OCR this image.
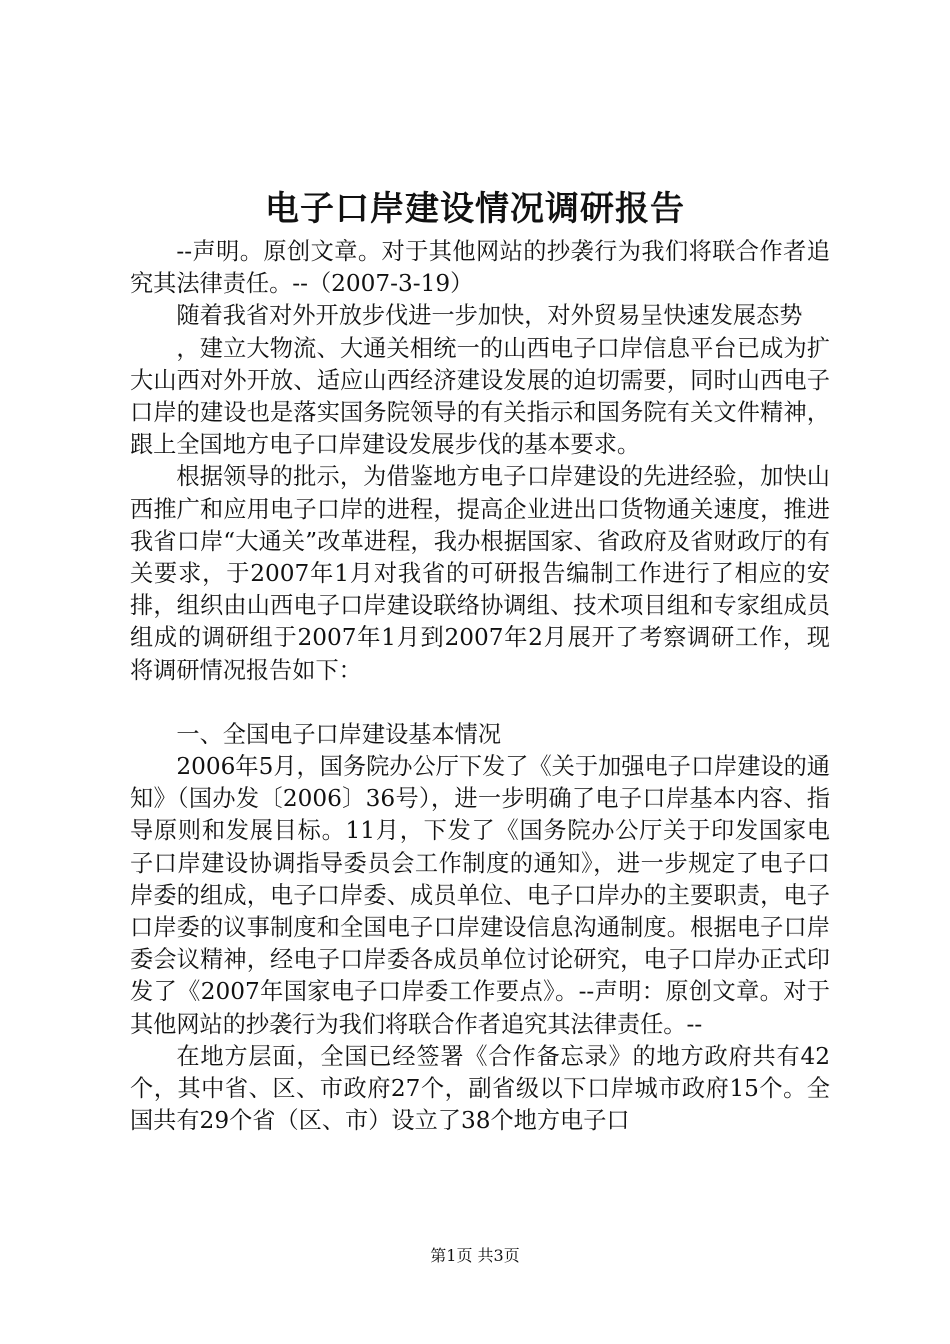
电子口岸建设情况调研报告

--声明。原创文章。对于其他网站的抄袭行为我们将联合作者追究其法律责任。--（2007-3-19）

随着我省对外开放步伐进一步加快，对外贸易呈快速发展态势

，建立大物流、大通关相统一的山西电子口岸信息平台已成为扩大山西对外开放、适应山西经济建设发展的迫切需要，同时山西电子口岸的建设也是落实国务院领导的有关指示和国务院有关文件精神，跟上全国地方电子口岸建设发展步伐的基本要求。

根据领导的批示，为借鉴地方电子口岸建设的先进经验，加快山西推广和应用电子口岸的进程，提高企业进出口货物通关速度，推进我省口岸“大通关”改革进程，我办根据国家、省政府及省财政厅的有关要求，于2007年1月对我省的可研报告编制工作进行了相应的安排，组织由山西电子口岸建设联络协调组、技术项目组和专家组成员组成的调研组于2007年1月到2007年2月展开了考察调研工作，现将调研情况报告如下：

一、全国电子口岸建设基本情况

2006年5月，国务院办公厅下发了《关于加强电子口岸建设的通知》（国办发〔2006〕36号），进一步明确了电子口岸基本内容、指导原则和发展目标。11月，下发了《国务院办公厅关于印发国家电子口岸建设协调指导委员会工作制度的通知》，进一步规定了电子口岸委的组成，电子口岸委、成员单位、电子口岸办的主要职责，电子口岸委的议事制度和全国电子口岸建设信息沟通制度。根据电子口岸委会议精神，经电子口岸委各成员单位讨论研究，电子口岸办正式印发了《2007年国家电子口岸委工作要点》。--声明：原创文章。对于其他网站的抄袭行为我们将联合作者追究其法律责任。--

在地方层面，全国已经签署《合作备忘录》的地方政府共有42个，其中省、区、市政府27个，副省级以下口岸城市政府15个。全国共有29个省（区、市）设立了38个地方电子口

第1页 共3页
